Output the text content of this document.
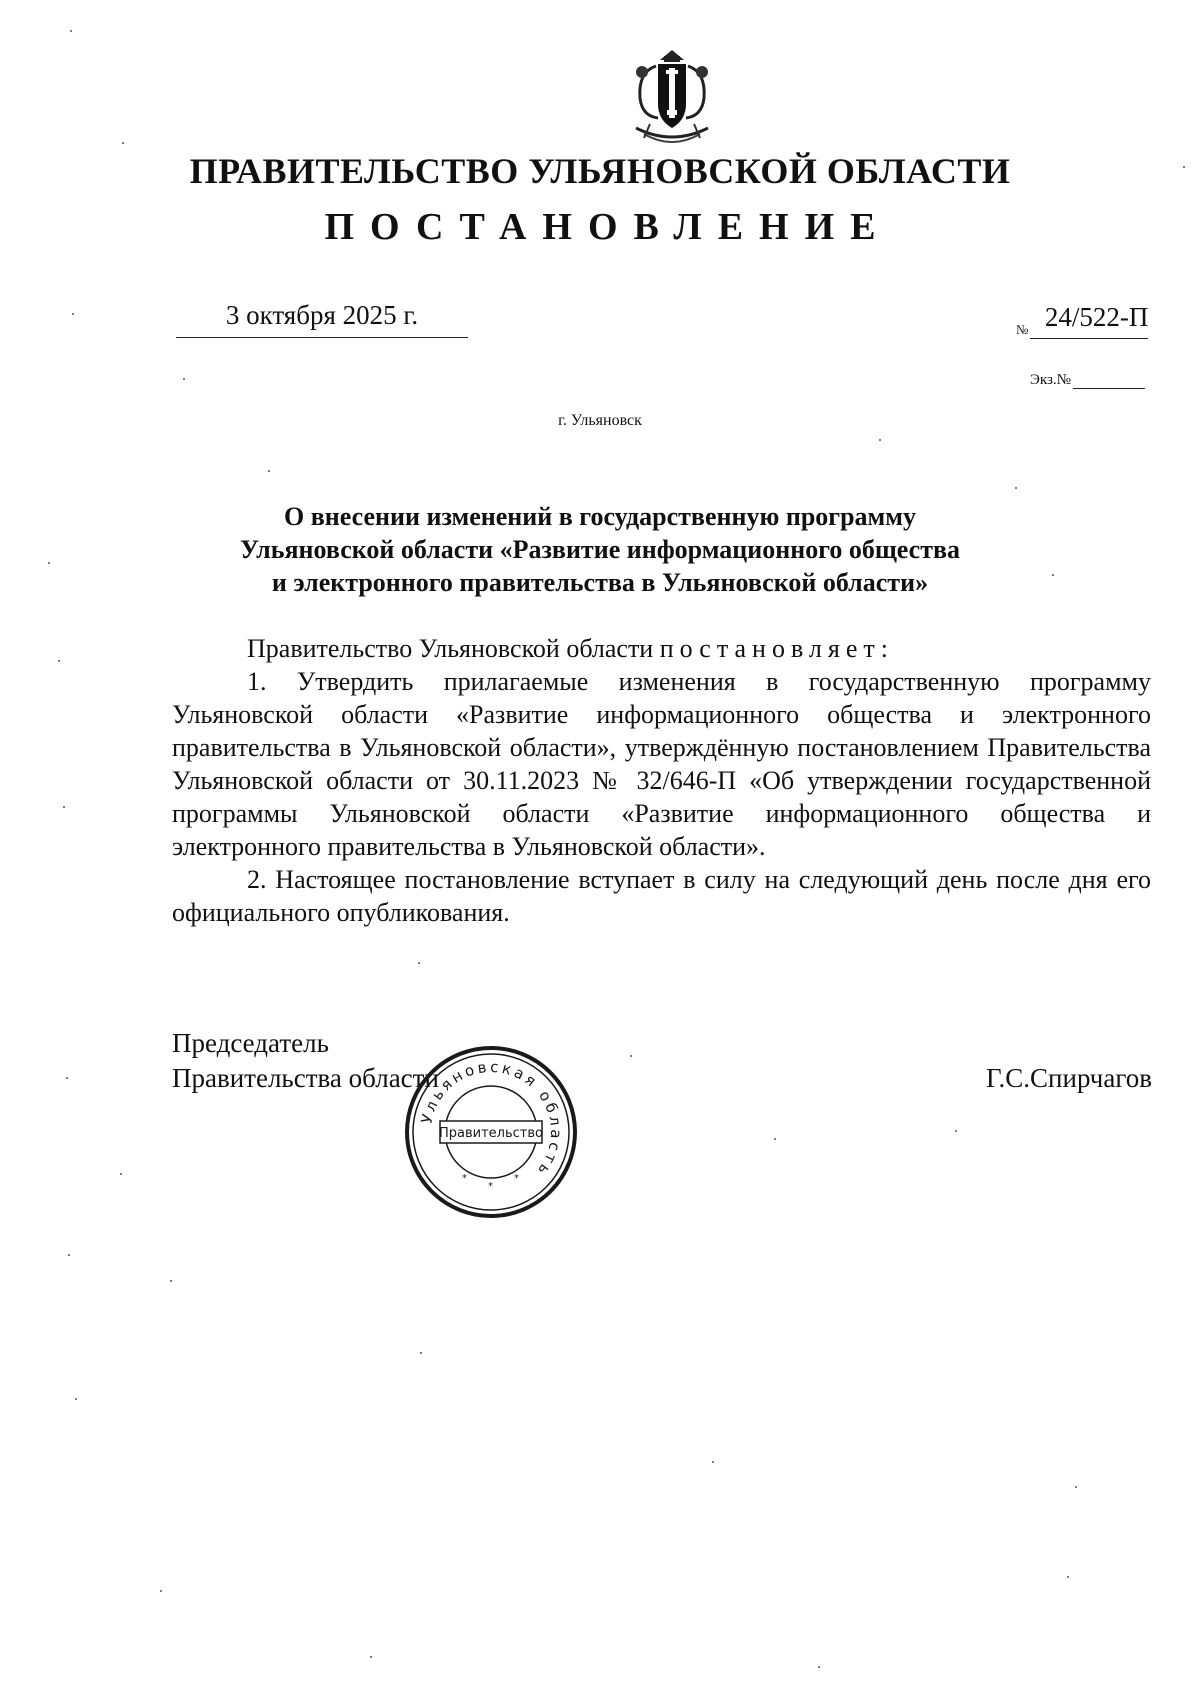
ПРАВИТЕЛЬСТВО УЛЬЯНОВСКОЙ ОБЛАСТИ
ПОСТАНОВЛЕНИЕ
3 октября 2025 г.	№ 24/522-П
Экз.№
г. Ульяновск
О внесении изменений в государственную программу
Ульяновской области «Развитие информационного общества
и электронного правительства в Ульяновской области»

Правительство Ульяновской области постановляет:

1. Утвердить прилагаемые изменения в государственную программу Ульяновской области «Развитие информационного общества и электронного правительства в Ульяновской области», утверждённую постановлением Правительства Ульяновской области от 30.11.2023 № 32/646-П «Об утверждении государственной программы Ульяновской области «Развитие информационного общества и электронного правительства в Ульяновской области».

2. Настоящее постановление вступает в силу на следующий день после дня его официального опубликования.

Председатель
Правительства области	Г.С.Спирчагов
Ульяновская область
Правительство
*
*
*
